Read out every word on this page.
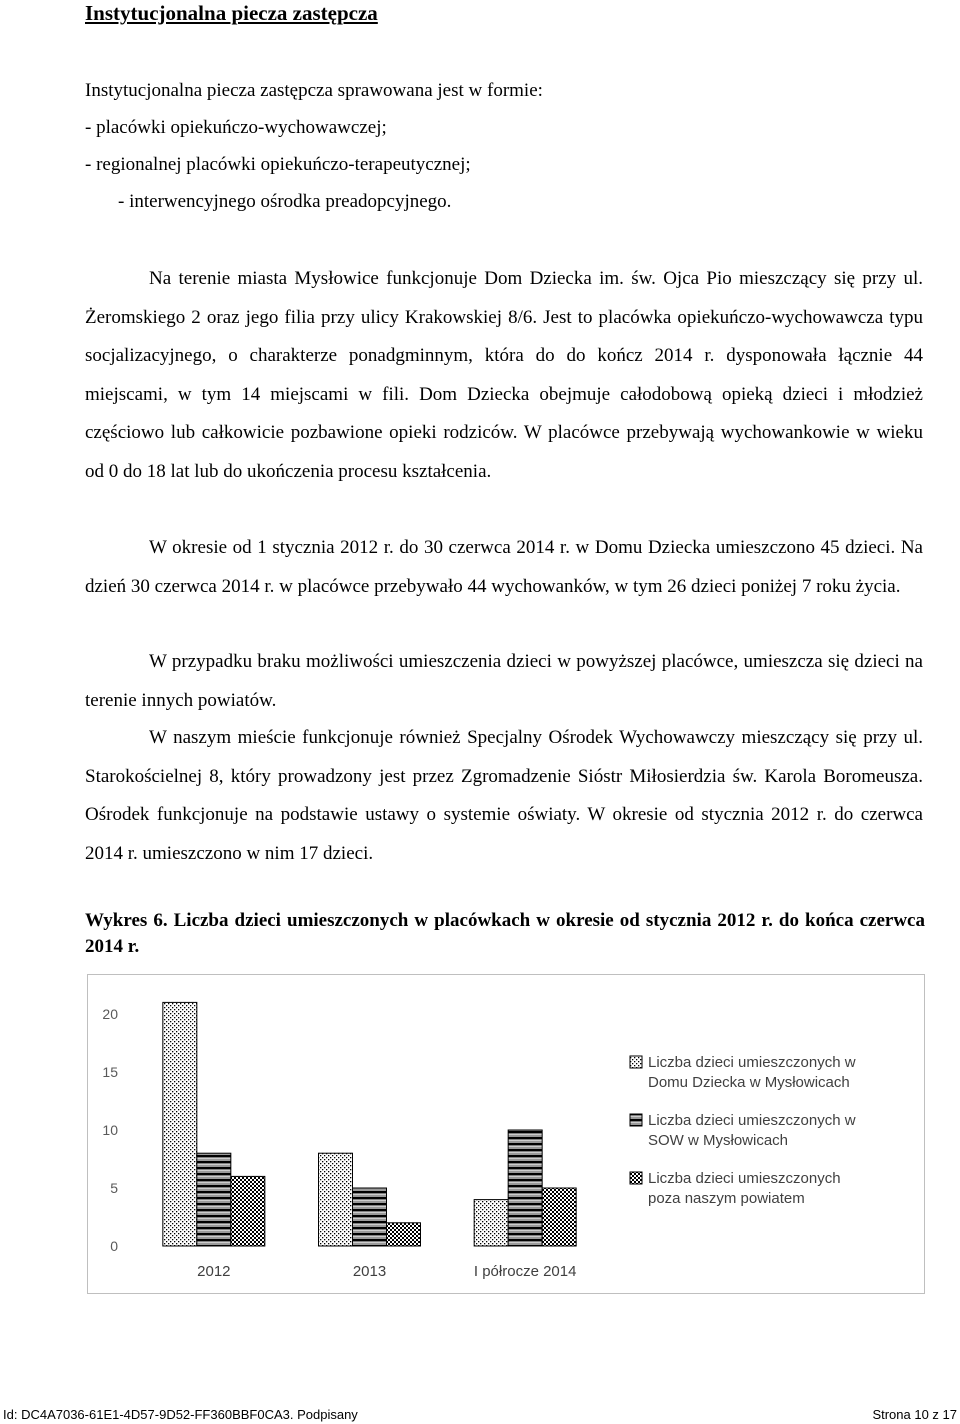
Instytucjonalna piecza zastępcza
Instytucjonalna piecza zastępcza sprawowana jest w formie:
- placówki opiekuńczo-wychowawczej;
- regionalnej placówki opiekuńczo-terapeutycznej;
- interwencyjnego ośrodka preadopcyjnego.

Na terenie miasta Mysłowice funkcjonuje Dom Dziecka im. św. Ojca Pio mieszczący się przy ul. Żeromskiego 2 oraz jego filia przy ulicy Krakowskiej 8/6. Jest to placówka opiekuńczo-wychowawcza typu socjalizacyjnego, o charakterze ponadgminnym, która do do kończ 2014 r. dysponowała łącznie 44 miejscami, w tym 14 miejscami w fili. Dom Dziecka obejmuje całodobową opieką dzieci i młodzież częściowo lub całkowicie pozbawione opieki rodziców. W placówce przebywają wychowankowie w wieku od 0 do 18 lat lub do ukończenia procesu kształcenia.

W okresie od 1 stycznia 2012 r. do 30 czerwca 2014 r. w Domu Dziecka umieszczono 45 dzieci. Na dzień 30 czerwca 2014 r. w placówce przebywało 44 wychowanków, w tym 26 dzieci poniżej 7 roku życia.

W przypadku braku możliwości umieszczenia dzieci w powyższej placówce, umieszcza się dzieci na terenie innych powiatów.

W naszym mieście funkcjonuje również Specjalny Ośrodek Wychowawczy mieszczący się przy ul. Starokościelnej 8, który prowadzony jest przez Zgromadzenie Sióstr Miłosierdzia św. Karola Boromeusza. Ośrodek funkcjonuje na podstawie ustawy o systemie oświaty. W okresie od stycznia 2012 r. do czerwca 2014 r. umieszczono w nim 17 dzieci.

Wykres 6. Liczba dzieci umieszczonych w placówkach w okresie od stycznia 2012 r. do końca czerwca 2014 r.

0
5
10
15
20
2012	2013	I półrocze 2014
Liczba dzieci umieszczonych w
Domu Dziecka w Mysłowicach
Liczba dzieci umieszczonych w
SOW w Mysłowicach
Liczba dzieci umieszczonych
poza naszym powiatem
Id: DC4A7036-61E1-4D57-9D52-FF360BBF0CA3. Podpisany	Strona 10 z 17
